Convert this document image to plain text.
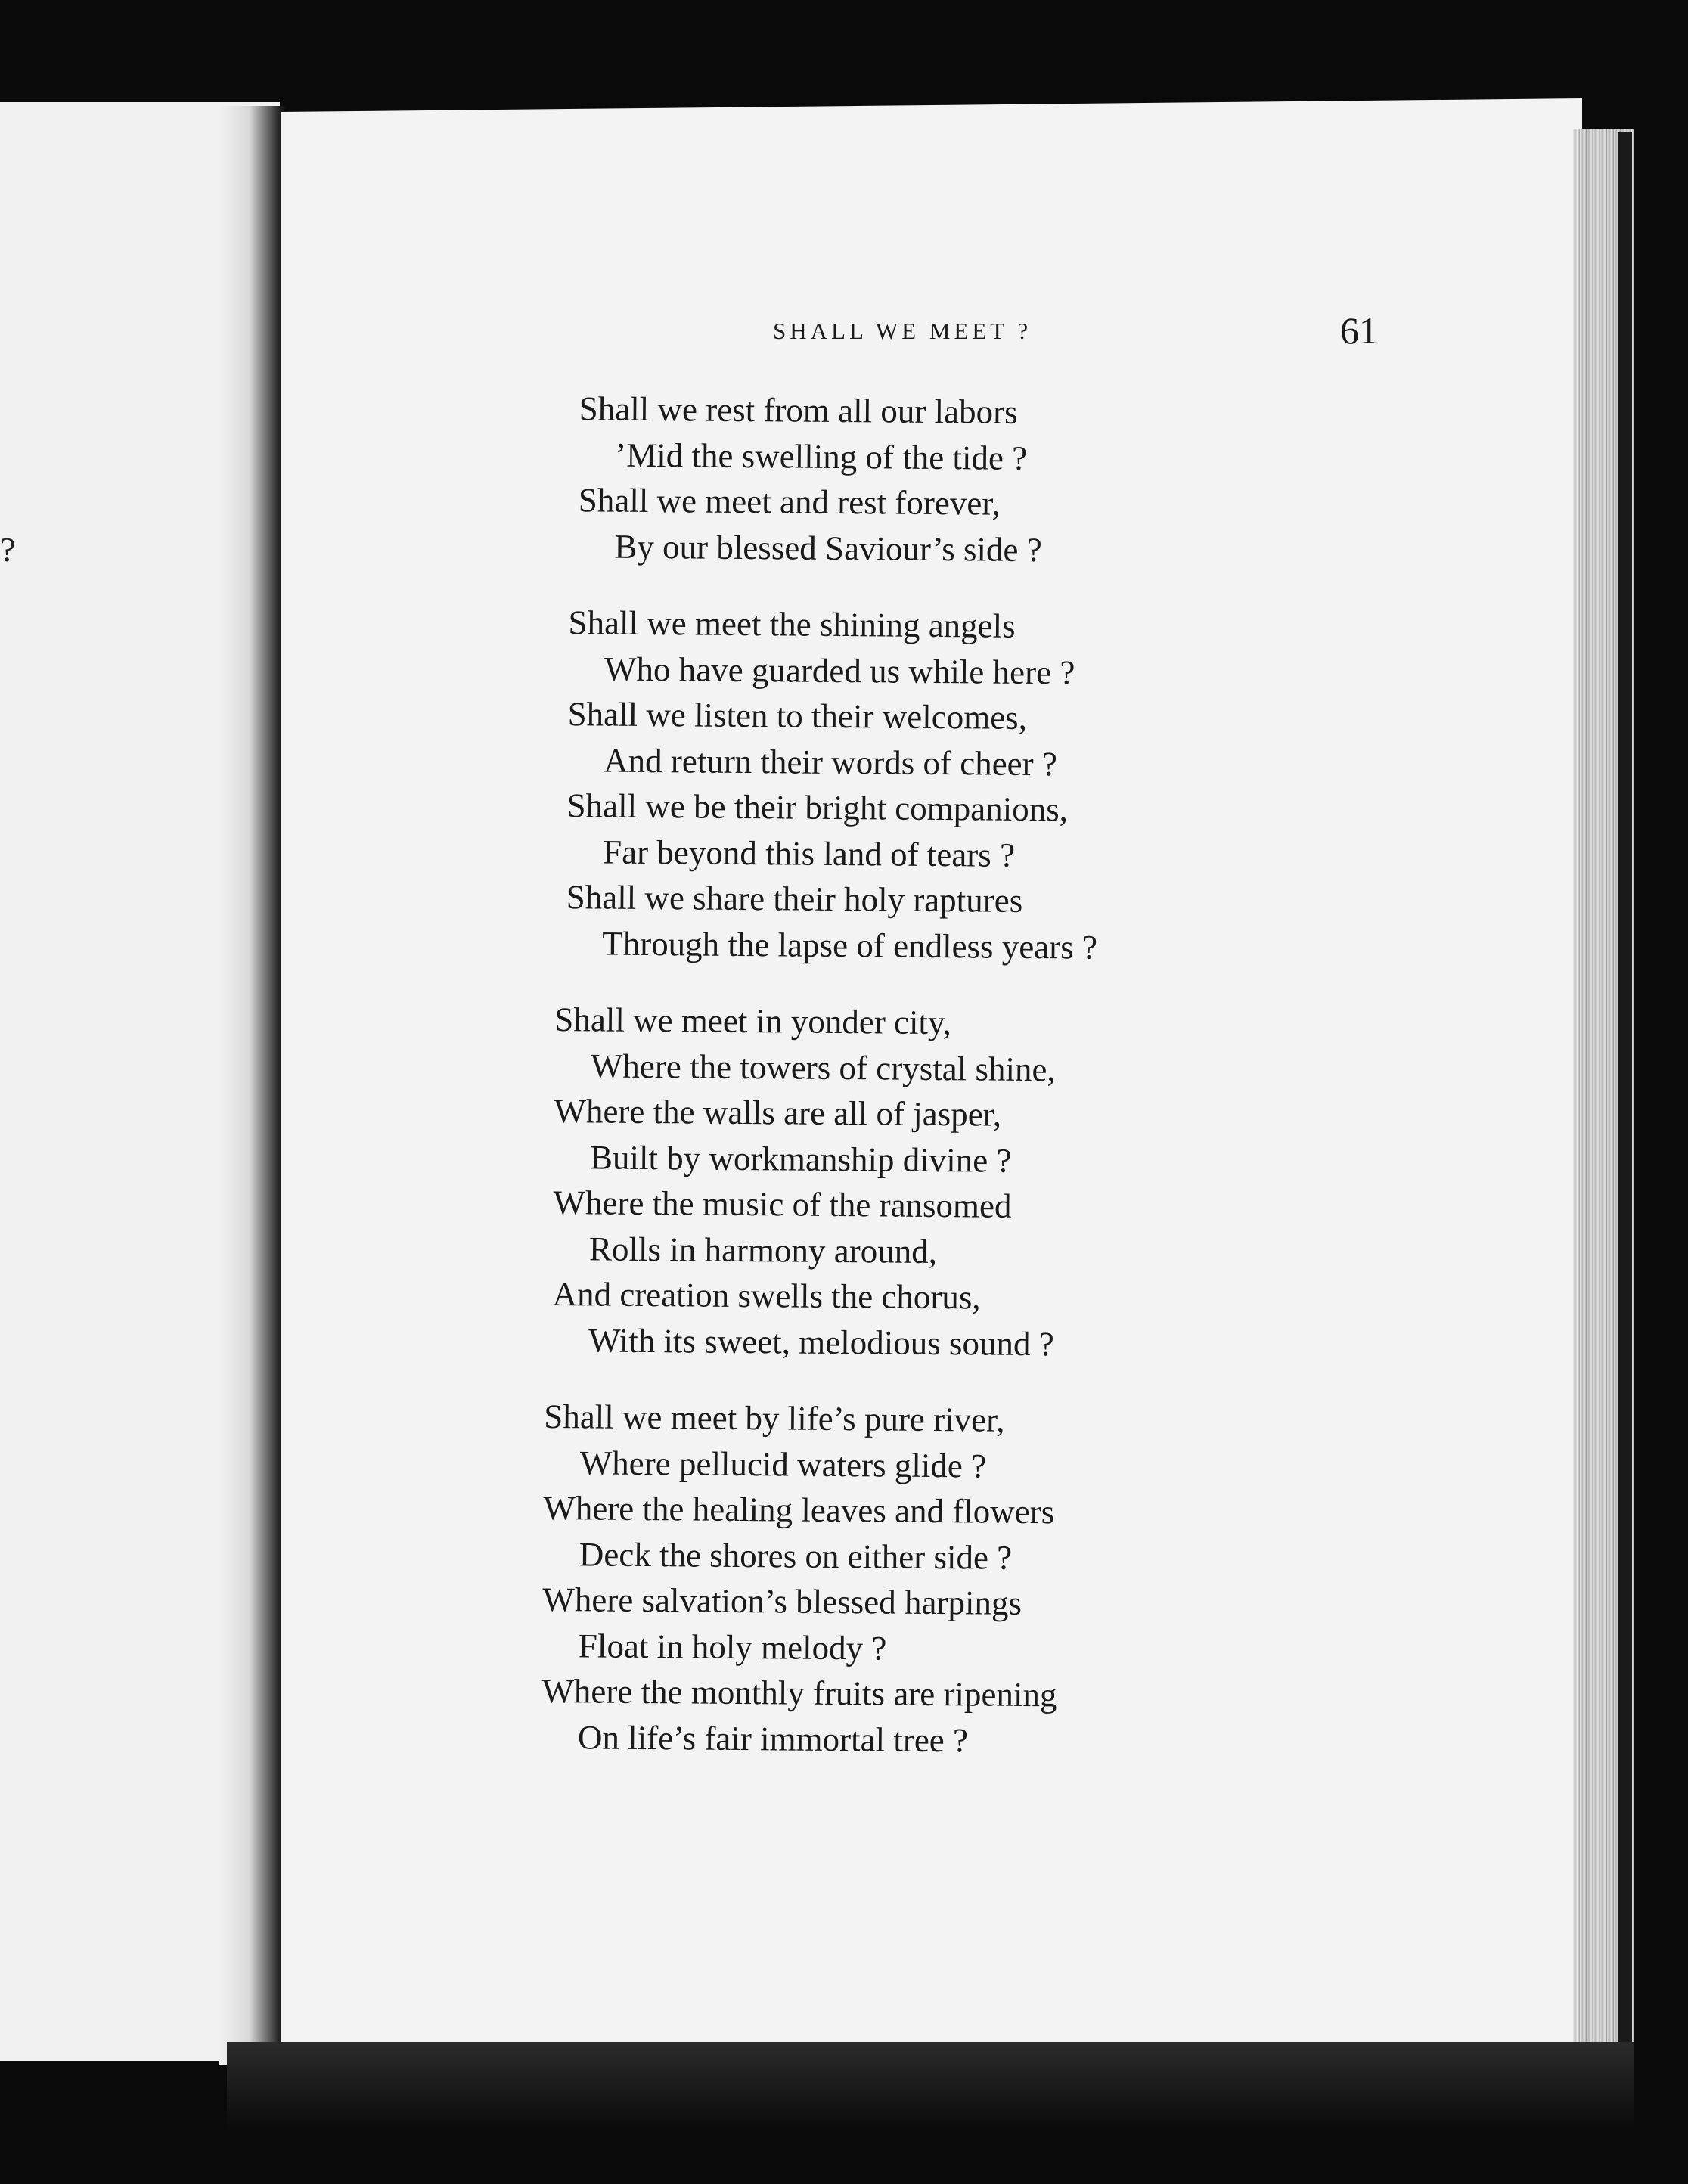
?
SHALL WE MEET ?	61
Shall we rest from all our labors
’Mid the swelling of the tide ?
Shall we meet and rest forever,
By our blessed Saviour’s side ?
Shall we meet the shining angels
Who have guarded us while here ?
Shall we listen to their welcomes,
And return their words of cheer ?
Shall we be their bright companions,
Far beyond this land of tears ?
Shall we share their holy raptures
Through the lapse of endless years ?
Shall we meet in yonder city,
Where the towers of crystal shine,
Where the walls are all of jasper,
Built by workmanship divine ?
Where the music of the ransomed
Rolls in harmony around,
And creation swells the chorus,
With its sweet, melodious sound ?
Shall we meet by life’s pure river,
Where pellucid waters glide ?
Where the healing leaves and flowers
Deck the shores on either side ?
Where salvation’s blessed harpings
Float in holy melody ?
Where the monthly fruits are ripening
On life’s fair immortal tree ?
